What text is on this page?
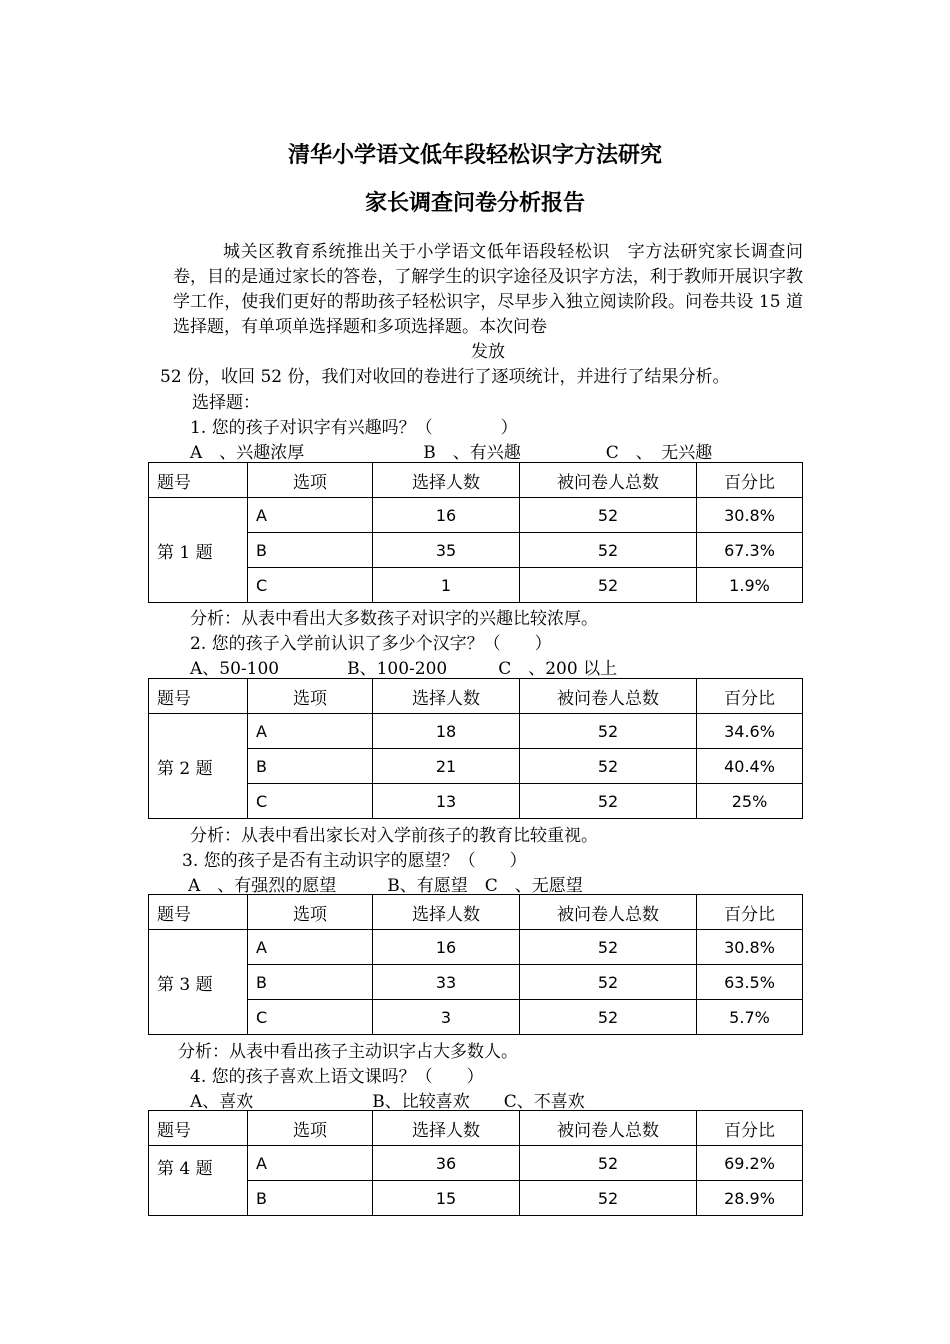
清华小学语文低年段轻松识字方法研究
家长调查问卷分析报告
城关区教育系统推出关于小学语文低年语段轻松识　字方法研究家长调查问卷，目的是通过家长的答卷，了解学生的识字途径及识字方法，利于教师开展识字教学工作，使我们更好的帮助孩子轻松识字，尽早步入独立阅读阶段。问卷共设 15 道选择题，有单项单选择题和多项选择题。本次问卷
发放
52 份，收回 52 份，我们对收回的卷进行了逐项统计，并进行了结果分析。
选择题：
1. 您的孩子对识字有兴趣吗？（　　　　）
A　、兴趣浓厚　　　　　　　B　、有兴趣　　　　　C　、　无兴趣
题号	选项	选择人数	被问卷人总数	百分比
第 1 题	A	16	52	30.8%
	B	35	52	67.3%
	C	1	52	1.9%
分析：从表中看出大多数孩子对识字的兴趣比较浓厚。
2. 您的孩子入学前认识了多少个汉字？（　　）
A、50-100　　　　B、100-200　　　C　、200 以上
题号	选项	选择人数	被问卷人总数	百分比
第 2 题	A	18	52	34.6%
	B	21	52	40.4%
	C	13	52	25%
分析：从表中看出家长对入学前孩子的教育比较重视。
3. 您的孩子是否有主动识字的愿望？（　　）
A　、有强烈的愿望　　　B、有愿望　C　、无愿望
题号	选项	选择人数	被问卷人总数	百分比
第 3 题	A	16	52	30.8%
	B	33	52	63.5%
	C	3	52	5.7%
分析：从表中看出孩子主动识字占大多数人。
4. 您的孩子喜欢上语文课吗？（　　）
A、喜欢　　　　　　　B、比较喜欢　　C、不喜欢
题号	选项	选择人数	被问卷人总数	百分比
第 4 题	A	36	52	69.2%
	B	15	52	28.9%
